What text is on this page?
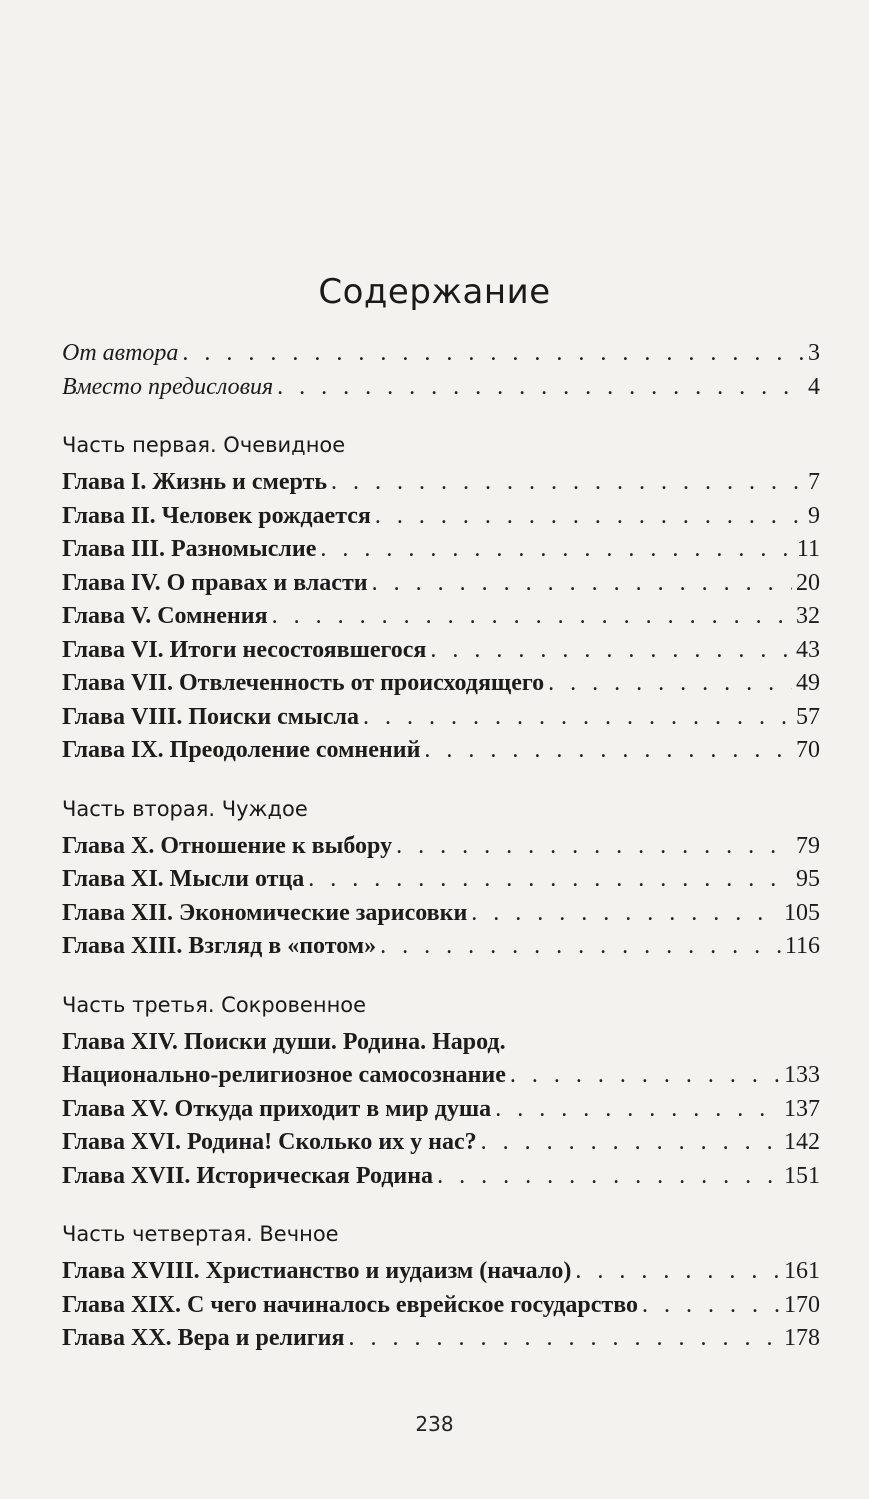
Содержание
От автора . . .	3
Вместо предисловия . . .	4
Часть первая. Очевидное
Глава I. Жизнь и смерть . . .	7
Глава II. Человек рождается . . .	9
Глава III. Разномыслие . . .	11
Глава IV. О правах и власти . . .	20
Глава V. Сомнения . . .	32
Глава VI. Итоги несостоявшегося . . .	43
Глава VII. Отвлеченность от происходящего . . .	49
Глава VIII. Поиски смысла . . .	57
Глава IX. Преодоление сомнений . . .	70
Часть вторая. Чуждое
Глава X. Отношение к выбору . . .	79
Глава XI. Мысли отца . . .	95
Глава XII. Экономические зарисовки . . .	105
Глава XIII. Взгляд в «потом» . . .	116
Часть третья. Сокровенное
Глава XIV. Поиски души. Родина. Народ.
Национально-религиозное самосознание . . .	133
Глава XV. Откуда приходит в мир душа . . .	137
Глава XVI. Родина! Сколько их у нас? . . .	142
Глава XVII. Историческая Родина . . .	151
Часть четвертая. Вечное
Глава XVIII. Христианство и иудаизм (начало) . . .	161
Глава XIX. С чего начиналось еврейское государство . . .	170
Глава XX. Вера и религия . . .	178
238
